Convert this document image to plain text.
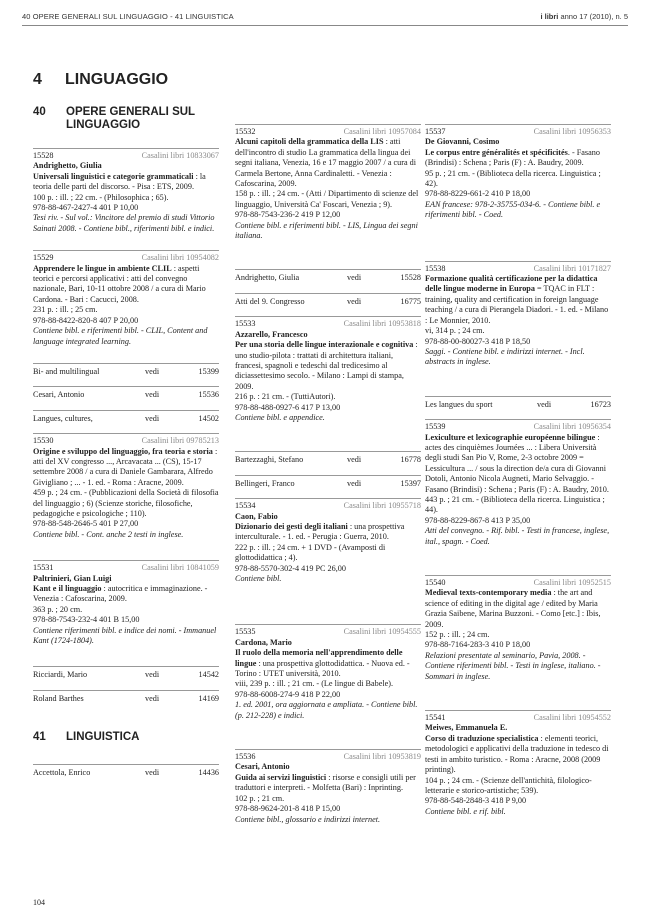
40 OPERE GENERALI SUL LINGUAGGIO - 41 LINGUISTICA	i libri anno 17 (2010), n. 5
4 LINGUAGGIO
40 OPERE GENERALI SUL LINGUAGGIO
15528	Casalini libri 10833067
Andrighetto, Giulia

Universali linguistici e categorie grammaticali : la teoria delle parti del discorso. - Pisa : ETS, 2009.

100 p. : ill. ; 22 cm. - (Philosophica ; 65).
978-88-467-2427-4 401 P 10,00
Tesi riv. - Sul vol.: Vincitore del premio di studi Vittorio Sainati 2008. - Contiene bibl., riferimenti bibl. e indici.
15529	Casalini libri 10954082

Apprendere le lingue in ambiente CLIL : aspetti teorici e percorsi applicativi : atti del convegno nazionale, Bari, 10-11 ottobre 2008 / a cura di Mario Cardona. - Bari : Cacucci, 2008.

231 p. : ill. ; 25 cm.
978-88-8422-820-8 407 P 20,00
Contiene bibl. e riferimenti bibl. - CLIL, Content and language integrated learning.
Bi- and multilingual	vedi	15399
Cesari, Antonio	vedi	15536
Langues, cultures,	vedi	14502
15530	Casalini libri 09785213

Origine e sviluppo del linguaggio, fra teoria e storia : atti del XV congresso ..., Arcavacata ... (CS), 15-17 settembre 2008 / a cura di Daniele Gambarara, Alfredo Givigliano ; ... - 1. ed. - Roma : Aracne, 2009.

459 p. ; 24 cm. - (Pubblicazioni della Società di filosofia del linguaggio ; 6) (Scienze storiche, filosofiche, pedagogiche e psicologiche ; 110).
978-88-548-2646-5 401 P 27,00
Contiene bibl. - Cont. anche 2 testi in inglese.
15531	Casalini libri 10841059
Paltrinieri, Gian Luigi

Kant e il linguaggio : autocritica e immaginazione. - Venezia : Cafoscarina, 2009.

363 p. ; 20 cm.
978-88-7543-232-4 401 B 15,00
Contiene riferimenti bibl. e indice dei nomi. - Immanuel Kant (1724-1804).
Ricciardi, Mario	vedi	14542
Roland Barthes	vedi	14169
41 LINGUISTICA
Accettola, Enrico	vedi	14436
15532	Casalini libri 10957084

Alcuni capitoli della grammatica della LIS : atti dell'incontro di studio La grammatica della lingua dei segni italiana, Venezia, 16 e 17 maggio 2007 / a cura di Carmela Bertone, Anna Cardinaletti. - Venezia : Cafoscarina, 2009.

158 p. : ill. ; 24 cm. - (Atti / Dipartimento di scienze del linguaggio, Università Ca' Foscari, Venezia ; 9).
978-88-7543-236-2 419 P 12,00
Contiene bibl. e riferimenti bibl. - LIS, Lingua dei segni italiana.
Andrighetto, Giulia	vedi	15528
Atti del 9. Congresso	vedi	16775
15533	Casalini libri 10953818
Azzarello, Francesco

Per una storia delle lingue interazionale e cognitiva : uno studio-pilota : trattati di architettura italiani, francesi, spagnoli e tedeschi dal tredicesimo al diciassettesimo secolo. - Milano : Lampi di stampa, 2009.

216 p. : 21 cm. - (TuttiAutori).
978-88-488-0927-6 417 P 13,00
Contiene bibl. e appendice.
Bartezzaghi, Stefano	vedi	16778
Bellingeri, Franco	vedi	15397
15534	Casalini libri 10955718
Caon, Fabio

Dizionario dei gesti degli italiani : una prospettiva interculturale. - 1. ed. - Perugia : Guerra, 2010.

222 p. : ill. ; 24 cm. + 1 DVD - (Avamposti di glottodidattica ; 4).
978-88-5570-302-4 419 PC 26,00
Contiene bibl.
15535	Casalini libri 10954555
Cardona, Mario

Il ruolo della memoria nell'apprendimento delle lingue : una prospettiva glottodidattica. - Nuova ed. - Torino : UTET università, 2010.

viii, 239 p. : ill. ; 21 cm. - (Le lingue di Babele).
978-88-6008-274-9 418 P 22,00
1. ed. 2001, ora aggiornata e ampliata. - Contiene bibl. (p. 212-228) e indici.
15536	Casalini libri 10953819
Cesari, Antonio

Guida ai servizi linguistici : risorse e consigli utili per traduttori e interpreti. - Molfetta (Bari) : Inprinting.

102 p. ; 21 cm.
978-88-9624-201-8 418 P 15,00
Contiene bibl., glossario e indirizzi internet.
15537	Casalini libri 10956353
De Giovanni, Cosimo

Le corpus entre généralités et spécificités. - Fasano (Brindisi) : Schena ; Paris (F) : A. Baudry, 2009.

95 p. ; 21 cm. - (Biblioteca della ricerca. Linguistica ; 42).
978-88-8229-661-2 410 P 18,00
EAN francese: 978-2-35755-034-6. - Contiene bibl. e riferimenti bibl. - Coed.
15538	Casalini libri 10171827

Formazione qualità certificazione per la didattica delle lingue moderne in Europa = TQAC in FLT : training, quality and certification in foreign language teaching / a cura di Pierangela Diadori. - 1. ed. - Milano : Le Monnier, 2010.

vi, 314 p. ; 24 cm.
978-88-00-80027-3 418 P 18,50
Saggi. - Contiene bibl. e indirizzi internet. - Incl. abstracts in inglese.
Les langues du sport	vedi	16723
15539	Casalini libri 10956354

Lexiculture et lexicographie européenne bilingue : actes des cinquièmes Journées ... : Libera Università degli studi San Pio V, Rome, 2-3 octobre 2009 = Lessicultura ... / sous la direction de/a cura di Giovanni Dotoli, Antonio Nicola Augneti, Mario Selvaggio. - Fasano (Brindisi) : Schena ; Paris (F) : A. Baudry, 2010.

443 p. ; 21 cm. - (Biblioteca della ricerca. Linguistica ; 44).
978-88-8229-867-8 413 P 35,00
Atti del convegno. - Rif. bibl. - Testi in francese, inglese, ital., spagn. - Coed.
15540	Casalini libri 10952515

Medieval texts-contemporary media : the art and science of editing in the digital age / edited by Maria Grazia Saibene, Marina Buzzoni. - Como [etc.] : Ibis, 2009.

152 p. : ill. ; 24 cm.
978-88-7164-283-3 410 P 18,00
Relazioni presentate al seminario, Pavia, 2008. - Contiene riferimenti bibl. - Testi in inglese, italiano. - Sommari in inglese.
15541	Casalini libri 10954552
Meiwes, Emmanuela E.

Corso di traduzione specialistica : elementi teorici, metodologici e applicativi della traduzione in tedesco di testi in ambito turistico. - Roma : Aracne, 2008 (2009 printing).

104 p. ; 24 cm. - (Scienze dell'antichità, filologico-letterarie e storico-artistiche; 539).
978-88-548-2848-3 418 P 9,00
Contiene bibl. e rif. bibl.
104
